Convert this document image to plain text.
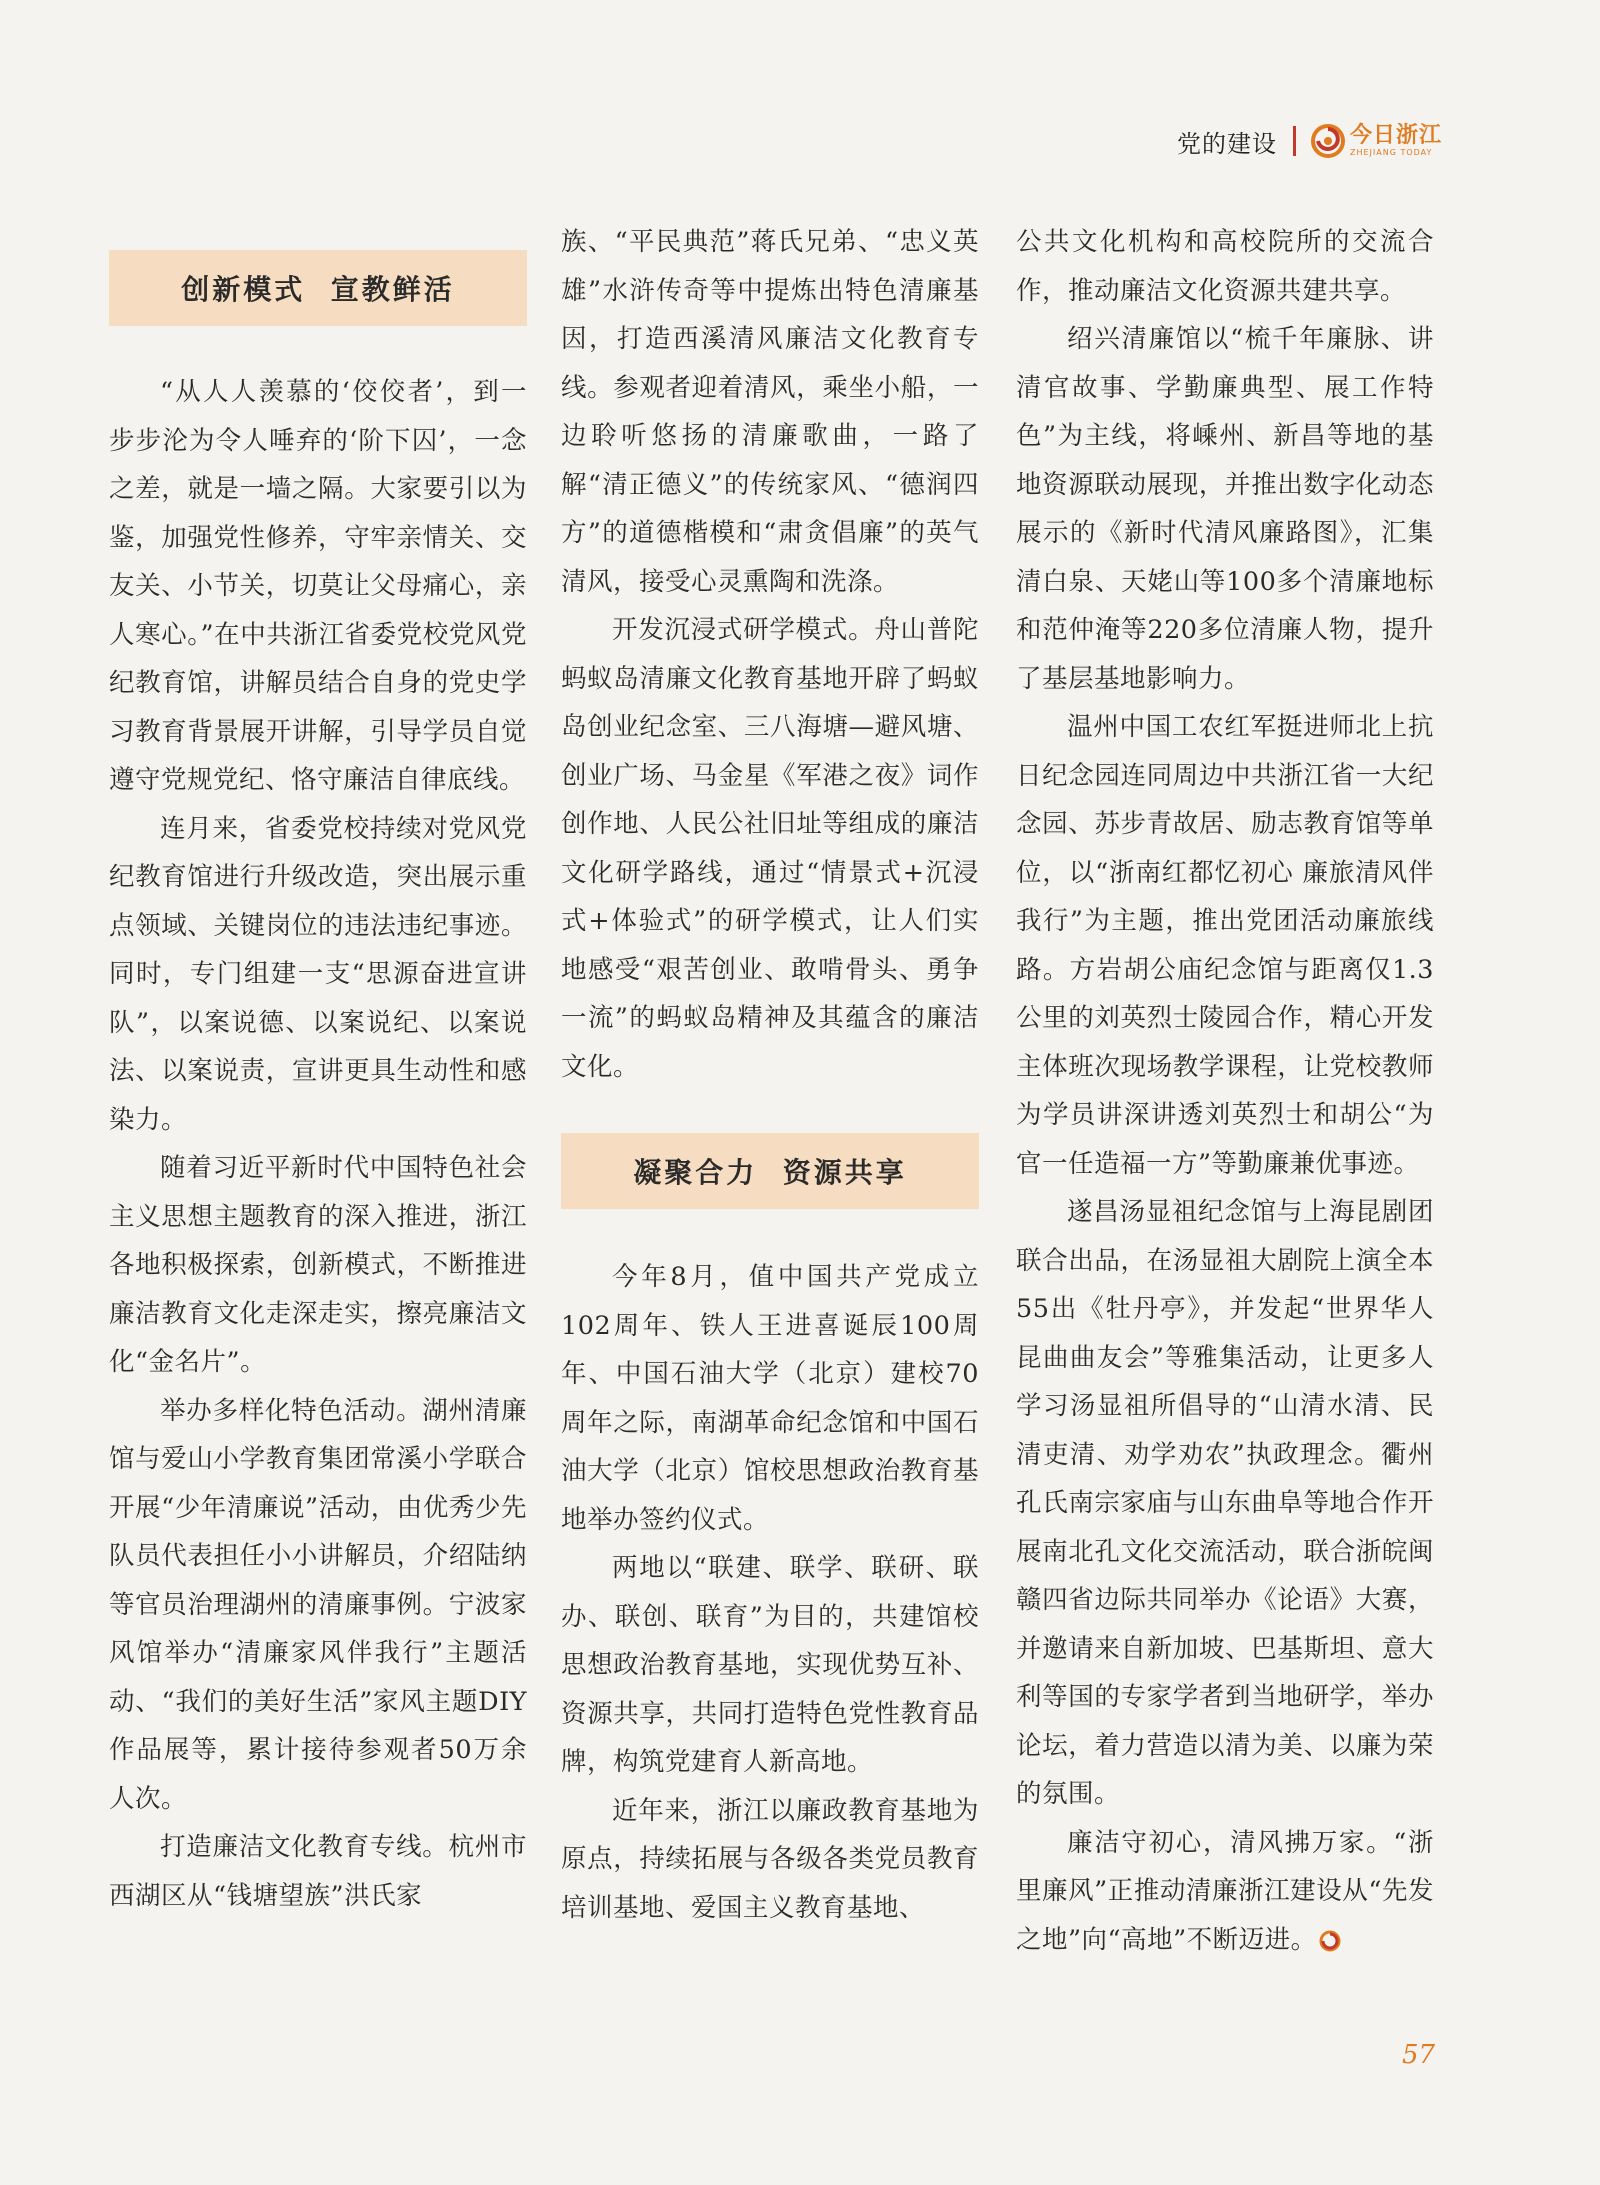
党的建设	今日浙江
ZHEJIANG TODAY
创新模式  宣教鲜活

“从人人羡慕的‘佼佼者’，到一步步沦为令人唾弃的‘阶下囚’，一念之差，就是一墙之隔。大家要引以为鉴，加强党性修养，守牢亲情关、交友关、小节关，切莫让父母痛心，亲人寒心。”在中共浙江省委党校党风党纪教育馆，讲解员结合自身的党史学习教育背景展开讲解，引导学员自觉遵守党规党纪、恪守廉洁自律底线。

连月来，省委党校持续对党风党纪教育馆进行升级改造，突出展示重点领域、关键岗位的违法违纪事迹。同时，专门组建一支“思源奋进宣讲队”，以案说德、以案说纪、以案说法、以案说责，宣讲更具生动性和感染力。

随着习近平新时代中国特色社会主义思想主题教育的深入推进，浙江各地积极探索，创新模式，不断推进廉洁教育文化走深走实，擦亮廉洁文化“金名片”。

举办多样化特色活动。湖州清廉馆与爱山小学教育集团常溪小学联合开展“少年清廉说”活动，由优秀少先队员代表担任小小讲解员，介绍陆纳等官员治理湖州的清廉事例。宁波家风馆举办“清廉家风伴我行”主题活动、“我们的美好生活”家风主题DIY作品展等，累计接待参观者50万余人次。

打造廉洁文化教育专线。杭州市西湖区从“钱塘望族”洪氏家

族、“平民典范”蒋氏兄弟、“忠义英雄”水浒传奇等中提炼出特色清廉基因，打造西溪清风廉洁文化教育专线。参观者迎着清风，乘坐小船，一边聆听悠扬的清廉歌曲，一路了解“清正德义”的传统家风、“德润四方”的道德楷模和“肃贪倡廉”的英气清风，接受心灵熏陶和洗涤。

开发沉浸式研学模式。舟山普陀蚂蚁岛清廉文化教育基地开辟了蚂蚁岛创业纪念室、三八海塘—避风塘、创业广场、马金星《军港之夜》词作创作地、人民公社旧址等组成的廉洁文化研学路线，通过“情景式+沉浸式+体验式”的研学模式，让人们实地感受“艰苦创业、敢啃骨头、勇争一流”的蚂蚁岛精神及其蕴含的廉洁文化。

凝聚合力  资源共享

今年8月，值中国共产党成立102周年、铁人王进喜诞辰100周年、中国石油大学（北京）建校70周年之际，南湖革命纪念馆和中国石油大学（北京）馆校思想政治教育基地举办签约仪式。

两地以“联建、联学、联研、联办、联创、联育”为目的，共建馆校思想政治教育基地，实现优势互补、资源共享，共同打造特色党性教育品牌，构筑党建育人新高地。

近年来，浙江以廉政教育基地为原点，持续拓展与各级各类党员教育培训基地、爱国主义教育基地、

公共文化机构和高校院所的交流合作，推动廉洁文化资源共建共享。

绍兴清廉馆以“梳千年廉脉、讲清官故事、学勤廉典型、展工作特色”为主线，将嵊州、新昌等地的基地资源联动展现，并推出数字化动态展示的《新时代清风廉路图》，汇集清白泉、天姥山等100多个清廉地标和范仲淹等220多位清廉人物，提升了基层基地影响力。

温州中国工农红军挺进师北上抗日纪念园连同周边中共浙江省一大纪念园、苏步青故居、励志教育馆等单位，以“浙南红都忆初心 廉旅清风伴我行”为主题，推出党团活动廉旅线路。方岩胡公庙纪念馆与距离仅1.3公里的刘英烈士陵园合作，精心开发主体班次现场教学课程，让党校教师为学员讲深讲透刘英烈士和胡公“为官一任造福一方”等勤廉兼优事迹。

遂昌汤显祖纪念馆与上海昆剧团联合出品，在汤显祖大剧院上演全本55出《牡丹亭》，并发起“世界华人昆曲曲友会”等雅集活动，让更多人学习汤显祖所倡导的“山清水清、民清吏清、劝学劝农”执政理念。衢州孔氏南宗家庙与山东曲阜等地合作开展南北孔文化交流活动，联合浙皖闽赣四省边际共同举办《论语》大赛，并邀请来自新加坡、巴基斯坦、意大利等国的专家学者到当地研学，举办论坛，着力营造以清为美、以廉为荣的氛围。

廉洁守初心，清风拂万家。“浙里廉风”正推动清廉浙江建设从“先发之地”向“高地”不断迈进。

57
